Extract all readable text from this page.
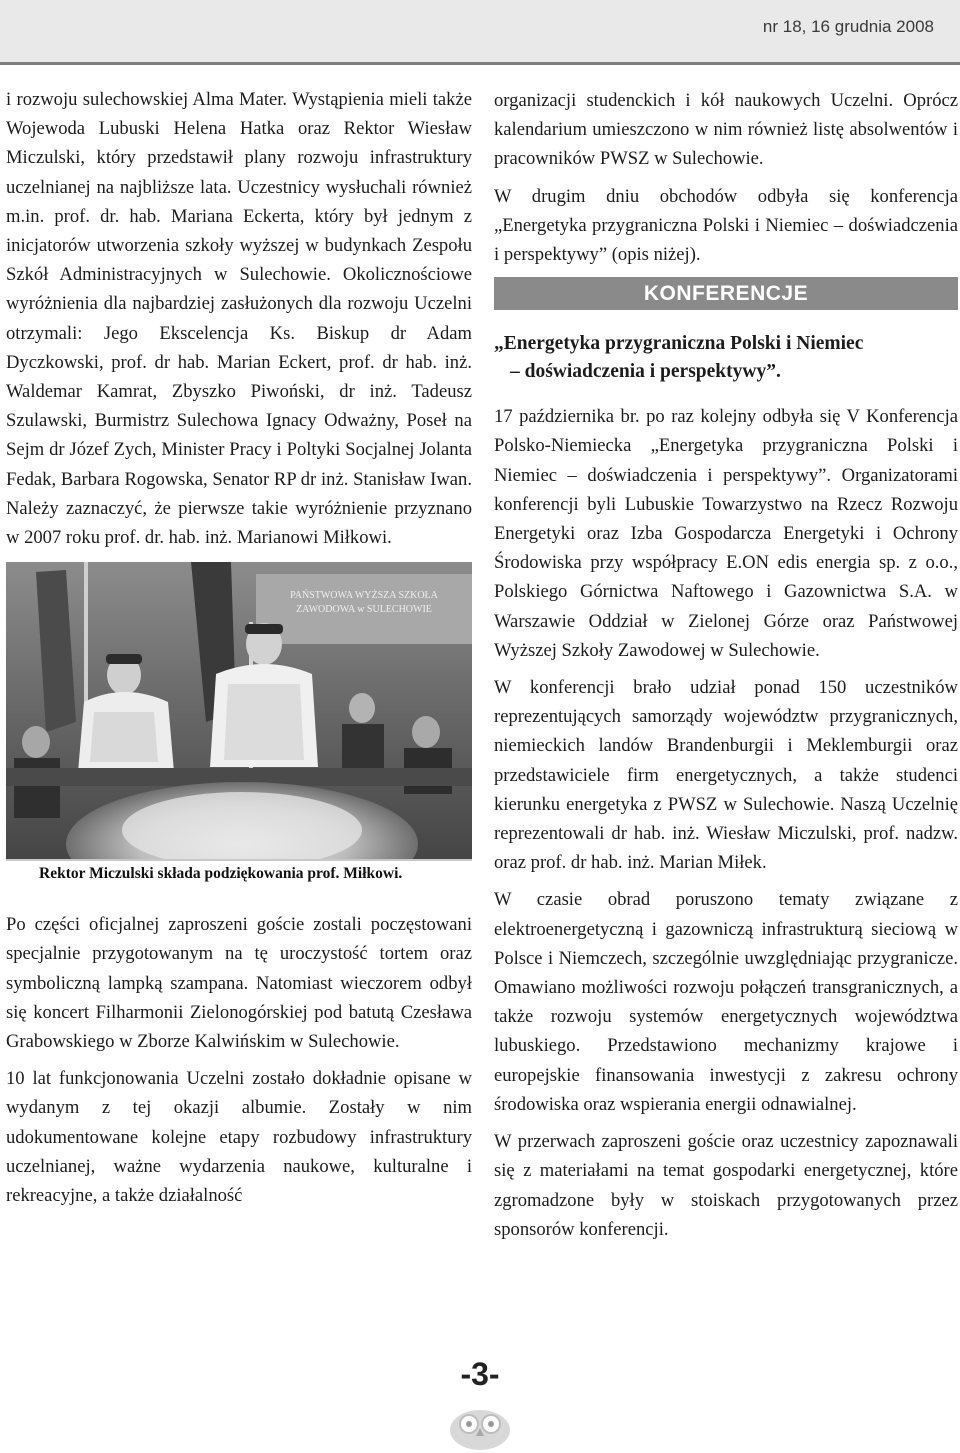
nr 18, 16 grudnia 2008

i rozwoju sulechowskiej Alma Mater. Wystąpienia mieli także Wojewoda Lubuski Helena Hatka oraz Rektor Wiesław Miczulski, który przedstawił plany rozwoju infrastruktury uczelnianej na najbliższe lata. Uczestnicy wysłuchali również m.in. prof. dr. hab. Mariana Eckerta, który był jednym z inicjatorów utworzenia szkoły wyższej w budynkach Zespołu Szkół Administracyjnych w Sulechowie. Okolicznościowe wyróżnienia dla najbardziej zasłużonych dla rozwoju Uczelni otrzymali: Jego Ekscelencja Ks. Biskup dr Adam Dyczkowski, prof. dr hab. Marian Eckert, prof. dr hab. inż. Waldemar Kamrat, Zbyszko Piwoński, dr inż. Tadeusz Szulawski, Burmistrz Sulechowa Ignacy Odważny, Poseł na Sejm dr Józef Zych, Minister Pracy i Poltyki Socjalnej Jolanta Fedak, Barbara Rogowska, Senator RP dr inż. Stanisław Iwan. Należy zaznaczyć, że pierwsze takie wyróżnienie przyznano w 2007 roku prof. dr. hab. inż. Marianowi Miłkowi.

PAŃSTWOWA WYŻSZA SZKOŁA
ZAWODOWA w SULECHOWIE
Rektor Miczulski składa podziękowania prof. Miłkowi.

Po części oficjalnej zaproszeni goście zostali poczęstowani specjalnie przygotowanym na tę uroczystość tortem oraz symboliczną lampką szampana. Natomiast wieczorem odbył się koncert Filharmonii Zielonogórskiej pod batutą Czesława Grabowskiego w Zborze Kalwińskim w Sulechowie.

10 lat funkcjonowania Uczelni zostało dokładnie opisane w wydanym z tej okazji albumie. Zostały w nim udokumentowane kolejne etapy rozbudowy infrastruktury uczelnianej, ważne wydarzenia naukowe, kulturalne i rekreacyjne, a także działalność

organizacji studenckich i kół naukowych Uczelni. Oprócz kalendarium umieszczono w nim również listę absolwentów i pracowników PWSZ w Sulechowie.

W drugim dniu obchodów odbyła się konferencja „Energetyka przygraniczna Polski i Niemiec – doświadczenia i perspektywy” (opis niżej).

KONFERENCJE

„Energetyka przygraniczna Polski i Niemiec
– doświadczenia i perspektywy”.

17 października br. po raz kolejny odbyła się V Konferencja Polsko-Niemiecka „Energetyka przygraniczna Polski i Niemiec – doświadczenia i perspektywy”. Organizatorami konferencji byli Lubuskie Towarzystwo na Rzecz Rozwoju Energetyki oraz Izba Gospodarcza Energetyki i Ochrony Środowiska przy współpracy E.ON edis energia sp. z o.o., Polskiego Górnictwa Naftowego i Gazownictwa S.A. w Warszawie Oddział w Zielonej Górze oraz Państwowej Wyższej Szkoły Zawodowej w Sulechowie.

W konferencji brało udział ponad 150 uczestników reprezentujących samorządy województw przygranicznych, niemieckich landów Brandenburgii i Meklemburgii oraz przedstawiciele firm energetycznych, a także studenci kierunku energetyka z PWSZ w Sulechowie. Naszą Uczelnię reprezentowali dr hab. inż. Wiesław Miczulski, prof. nadzw. oraz prof. dr hab. inż. Marian Miłek.

W czasie obrad poruszono tematy związane z elektroenergetyczną i gazowniczą infrastrukturą sieciową w Polsce i Niemczech, szczególnie uwzględniając przygranicze. Omawiano możliwości rozwoju połączeń transgranicznych, a także rozwoju systemów energetycznych województwa lubuskiego. Przedstawiono mechanizmy krajowe i europejskie finansowania inwestycji z zakresu ochrony środowiska oraz wspierania energii odnawialnej.

W przerwach zaproszeni goście oraz uczestnicy zapoznawali się z materiałami na temat gospodarki energetycznej, które zgromadzone były w stoiskach przygotowanych przez sponsorów konferencji.

-3-
